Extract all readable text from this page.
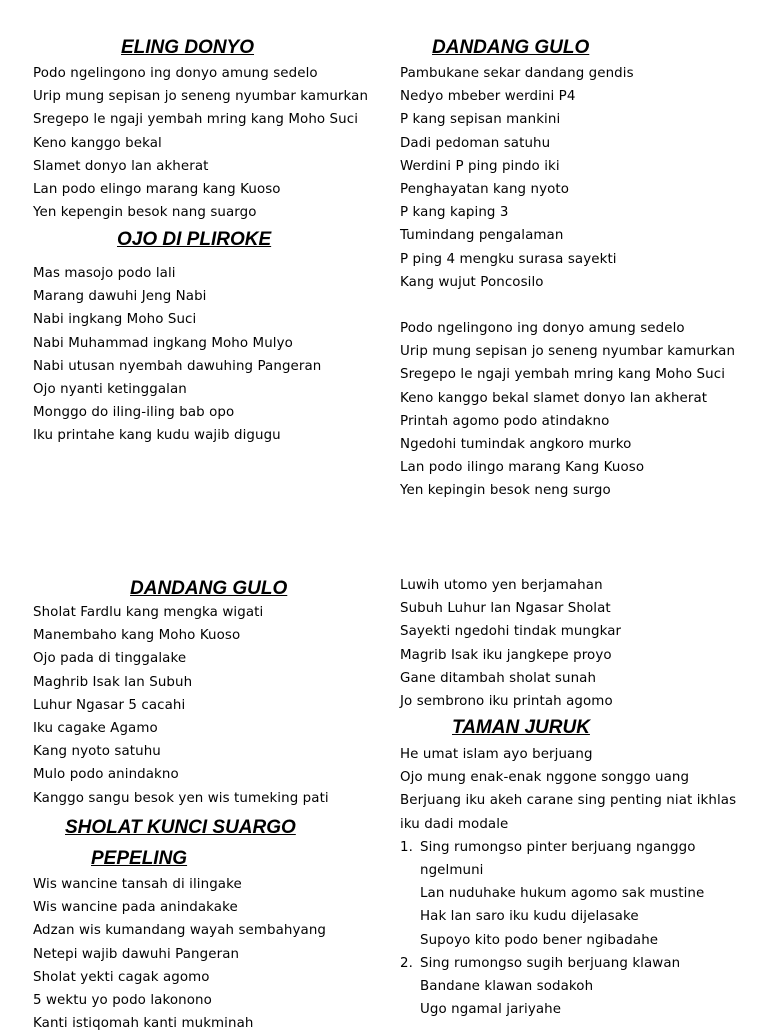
ELING DONYO
Podo ngelingono ing donyo amung sedelo
Urip mung sepisan jo seneng nyumbar kamurkan
Sregepo le ngaji yembah mring kang Moho Suci
Keno kanggo bekal
Slamet donyo lan akherat
Lan podo elingo marang kang Kuoso
Yen kepengin besok nang suargo
OJO DI PLIROKE
Mas masojo podo lali
Marang dawuhi Jeng Nabi
Nabi ingkang Moho Suci
Nabi Muhammad ingkang Moho Mulyo
Nabi utusan nyembah dawuhing Pangeran
Ojo nyanti ketinggalan
Monggo do iling-iling bab opo
Iku printahe kang kudu wajib digugu
DANDANG GULO
Pambukane sekar dandang gendis
Nedyo mbeber werdini P4
P kang sepisan mankini
Dadi pedoman satuhu
Werdini P ping pindo iki
Penghayatan kang nyoto
P kang kaping 3
Tumindang pengalaman
P ping 4 mengku surasa sayekti
Kang wujut Poncosilo
Podo ngelingono ing donyo amung sedelo
Urip mung sepisan jo seneng nyumbar kamurkan
Sregepo le ngaji yembah mring kang Moho Suci
Keno kanggo bekal slamet donyo lan akherat
Printah agomo podo atindakno
Ngedohi tumindak angkoro murko
Lan podo ilingo marang Kang Kuoso
Yen kepingin besok neng surgo
DANDANG GULO
Sholat Fardlu kang mengka wigati
Manembaho kang Moho Kuoso
Ojo pada di tinggalake
Maghrib Isak lan Subuh
Luhur Ngasar 5 cacahi
Iku cagake Agamo
Kang nyoto satuhu
Mulo podo anindakno
Kanggo sangu besok yen wis tumeking pati
SHOLAT KUNCI SUARGO
PEPELING
Wis wancine tansah di ilingake
Wis wancine pada anindakake
Adzan wis kumandang wayah sembahyang
Netepi wajib dawuhi Pangeran
Sholat yekti cagak agomo
5 wektu yo podo lakonono
Kanti istiqomah kanti mukminah
Luwih utomo yen berjamahan
Subuh Luhur lan Ngasar Sholat
Sayekti ngedohi tindak mungkar
Magrib Isak iku jangkepe proyo
Gane ditambah sholat sunah
Jo sembrono iku printah agomo
TAMAN JURUK
He umat islam ayo berjuang
Ojo mung enak-enak nggone songgo uang
Berjuang iku akeh carane sing penting niat ikhlas
iku dadi modale
1. Sing rumongso pinter berjuang nganggo
ngelmuni
Lan nuduhake hukum agomo sak mustine
Hak lan saro iku kudu dijelasake
Supoyo kito podo bener ngibadahe
2. Sing rumongso sugih berjuang klawan
Bandane klawan sodakoh
Ugo ngamal jariyahe
